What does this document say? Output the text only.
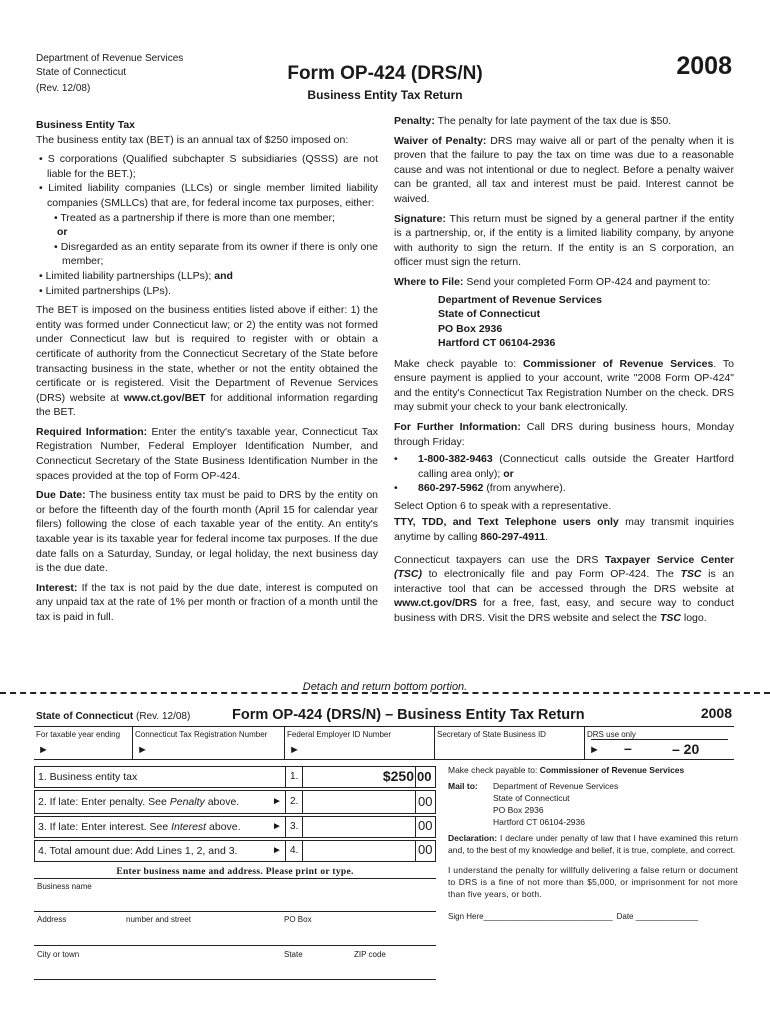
Department of Revenue Services
State of Connecticut
(Rev. 12/08)
Form OP-424 (DRS/N)
Business Entity Tax Return
2008
Business Entity Tax

The business entity tax (BET) is an annual tax of $250 imposed on:

• S corporations (Qualified subchapter S subsidiaries (QSSS) are not liable for the BET.);
• Limited liability companies (LLCs) or single member limited liability companies (SMLLCs) that are, for federal income tax purposes, either:
• Treated as a partnership if there is more than one member;
or
• Disregarded as an entity separate from its owner if there is only one member;
• Limited liability partnerships (LLPs); and
• Limited partnerships (LPs).

The BET is imposed on the business entities listed above if either: 1) the entity was formed under Connecticut law; or 2) the entity was not formed under Connecticut law but is required to register with or obtain a certificate of authority from the Connecticut Secretary of the State before transacting business in the state, whether or not the entity obtained the certificate or is registered. Visit the Department of Revenue Services (DRS) website at www.ct.gov/BET for additional information regarding the BET.

Required Information: Enter the entity's taxable year, Connecticut Tax Registration Number, Federal Employer Identification Number, and Connecticut Secretary of the State Business Identification Number in the spaces provided at the top of Form OP-424.

Due Date: The business entity tax must be paid to DRS by the entity on or before the fifteenth day of the fourth month (April 15 for calendar year filers) following the close of each taxable year of the entity. An entity's taxable year is its taxable year for federal income tax purposes. If the due date falls on a Saturday, Sunday, or legal holiday, the next business day is the due date.

Interest: If the tax is not paid by the due date, interest is computed on any unpaid tax at the rate of 1% per month or fraction of a month until the tax is paid in full.

Penalty: The penalty for late payment of the tax due is $50.

Waiver of Penalty: DRS may waive all or part of the penalty when it is proven that the failure to pay the tax on time was due to a reasonable cause and was not intentional or due to neglect. Before a penalty waiver can be granted, all tax and interest must be paid. Interest cannot be waived.

Signature: This return must be signed by a general partner if the entity is a partnership, or, if the entity is a limited liability company, by anyone with authority to sign the return. If the entity is an S corporation, an officer must sign the return.

Where to File: Send your completed Form OP-424 and payment to:

Department of Revenue Services
State of Connecticut
PO Box 2936
Hartford CT 06104-2936

Make check payable to: Commissioner of Revenue Services. To ensure payment is applied to your account, write "2008 Form OP-424" and the entity's Connecticut Tax Registration Number on the check. DRS may submit your check to your bank electronically.

For Further Information: Call DRS during business hours, Monday through Friday:

•	1-800-382-9463 (Connecticut calls outside the Greater Hartford calling area only); or
•	860-297-5962 (from anywhere).

Select Option 6 to speak with a representative.

TTY, TDD, and Text Telephone users only may transmit inquiries anytime by calling 860-297-4911.

Connecticut taxpayers can use the DRS Taxpayer Service Center (TSC) to electronically file and pay Form OP-424. The TSC is an interactive tool that can be accessed through the DRS website at www.ct.gov/DRS for a free, fast, easy, and secure way to conduct business with DRS. Visit the DRS website and select the TSC logo.

Detach and return bottom portion.
State of Connecticut (Rev. 12/08)	Form OP-424 (DRS/N) – Business Entity Tax Return	2008
For taxable year ending
►
Connecticut Tax Registration Number
►
Federal Employer ID Number
►
Secretary of State Business ID	DRS use only
► –	– 20
1. Business entity tax	1.	$250 00
2. If late: Enter penalty. See Penalty above.	► 2.	00
3. If late: Enter interest. See Interest above.	► 3.	00
4. Total amount due: Add Lines 1, 2, and 3.	► 4.	00
Enter business name and address. Please print or type.
Business name
Address	number and street	PO Box
City or town	State	ZIP code
Make check payable to: Commissioner of Revenue Services
Mail to:	Department of Revenue Services
State of Connecticut
PO Box 2936
Hartford CT 06104-2936
Declaration: I declare under penalty of law that I have examined this return and, to the best of my knowledge and belief, it is true, complete, and correct.
I understand the penalty for willfully delivering a false return or document to DRS is a fine of not more than $5,000, or imprisonment for not more than five years, or both.
Sign Here_____________________________ Date ______________
